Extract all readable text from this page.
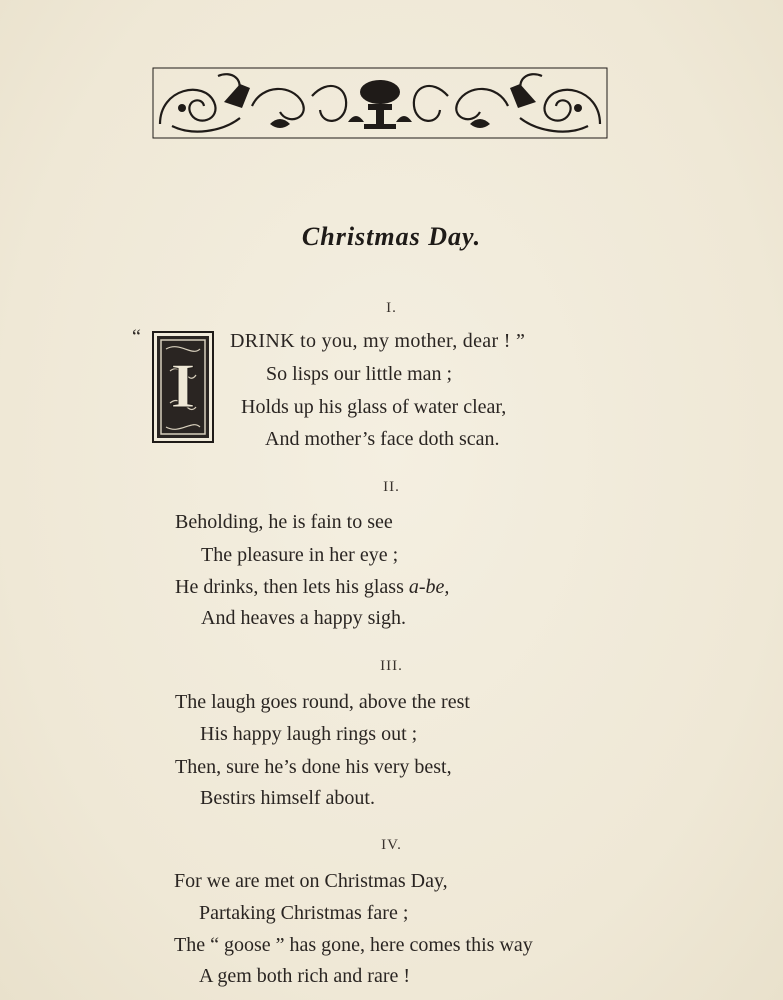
Christmas Day.
I.
“
I
DRINK to you, my mother, dear ! ”
So lisps our little man ;
Holds up his glass of water clear,
And mother’s face doth scan.
II.
Beholding, he is fain to see
The pleasure in her eye ;
He drinks, then lets his glass a-be,
And heaves a happy sigh.
III.
The laugh goes round, above the rest
His happy laugh rings out ;
Then, sure he’s done his very best,
Bestirs himself about.
IV.
For we are met on Christmas Day,
Partaking Christmas fare ;
The “ goose ” has gone, here comes this way
A gem both rich and rare !
